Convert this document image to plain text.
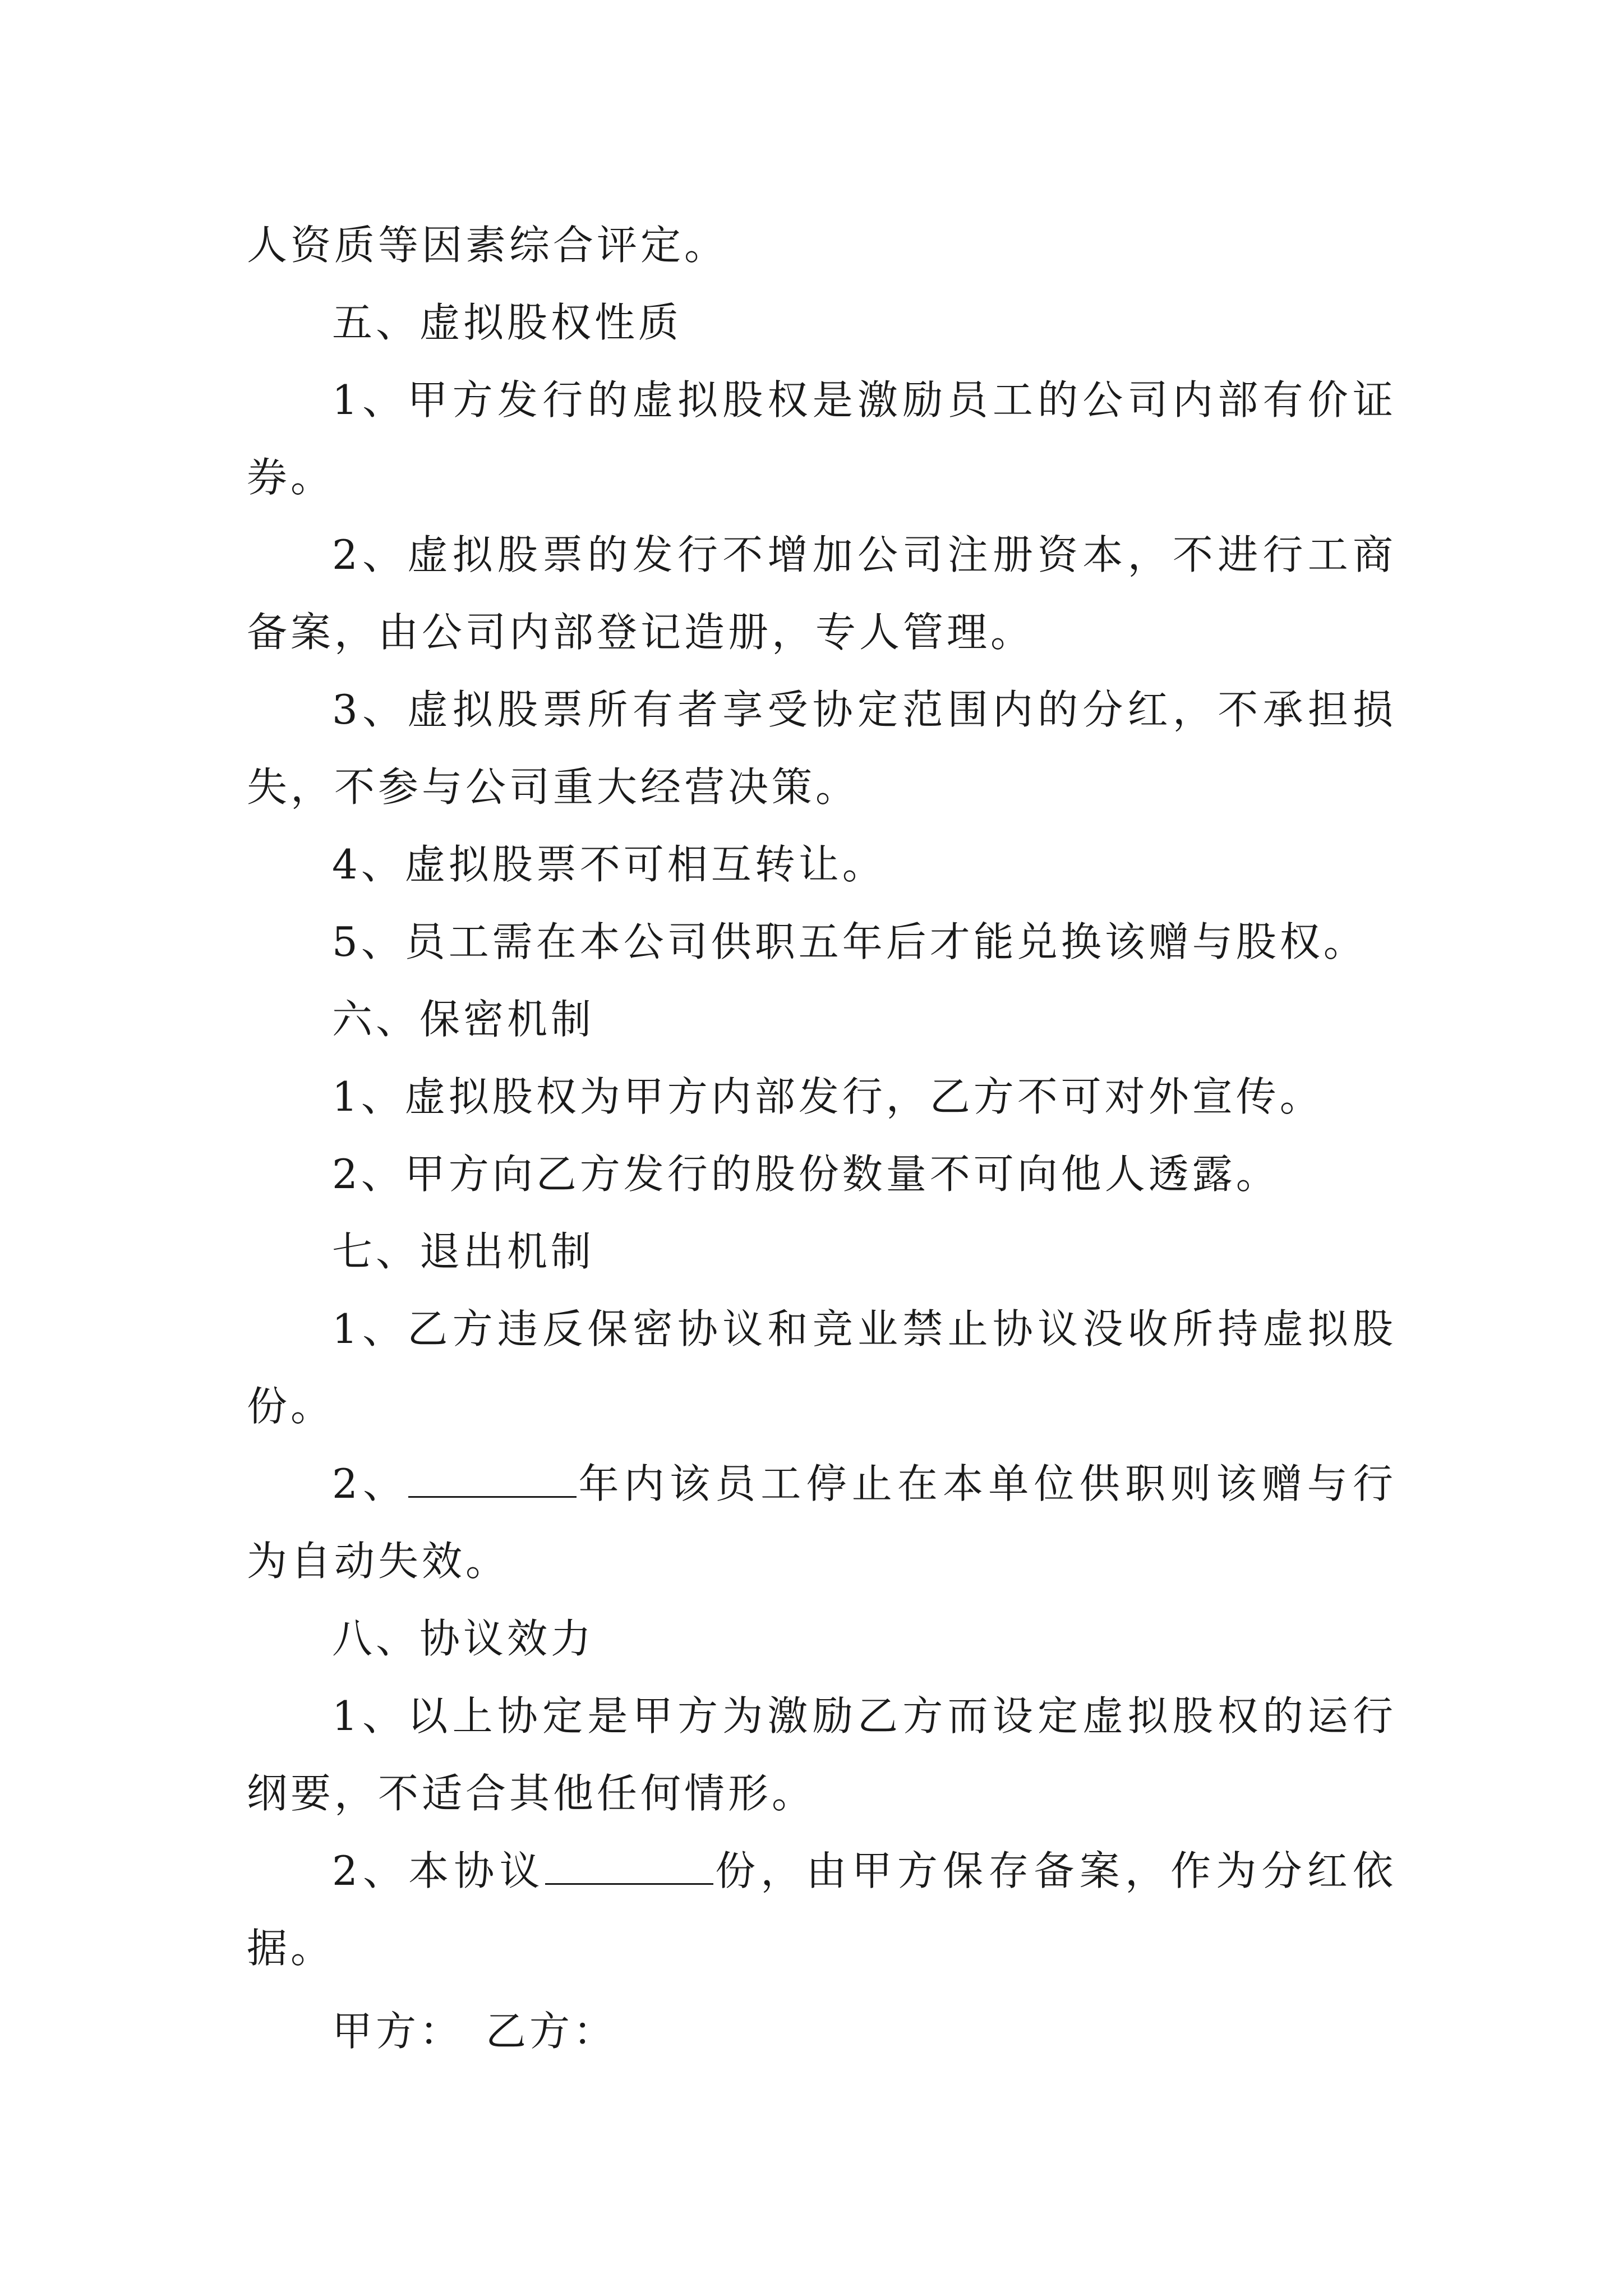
人资质等因素综合评定。

五、虚拟股权性质

1、甲方发行的虚拟股权是激励员工的公司内部有价证券。

2、虚拟股票的发行不增加公司注册资本，不进行工商备案，由公司内部登记造册，专人管理。

3、虚拟股票所有者享受协定范围内的分红，不承担损失，不参与公司重大经营决策。

4、虚拟股票不可相互转让。

5、员工需在本公司供职五年后才能兑换该赠与股权。

六、保密机制

1、虚拟股权为甲方内部发行，乙方不可对外宣传。

2、甲方向乙方发行的股份数量不可向他人透露。

七、退出机制

1、乙方违反保密协议和竞业禁止协议没收所持虚拟股份。

2、	年内该员工停止在本单位供职则该赠与行为自动失效。

八、协议效力

1、以上协定是甲方为激励乙方而设定虚拟股权的运行纲要，不适合其他任何情形。

2、本协议	份，由甲方保存备案，作为分红依据。

甲方： 乙方：
